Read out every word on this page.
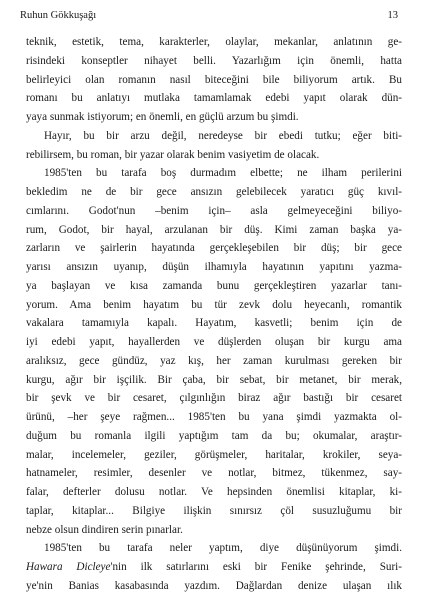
Ruhun Gökkuşağı	13
teknik, estetik, tema, karakterler, olaylar, mekanlar, anlatının ge-
risindeki konseptler nihayet belli. Yazarlığım için önemli, hatta
belirleyici olan romanın nasıl biteceğini bile biliyorum artık. Bu
romanı bu anlatıyı mutlaka tamamlamak edebi yapıt olarak dün-
yaya sunmak istiyorum; en önemli, en güçlü arzum bu şimdi.
Hayır, bu bir arzu değil, neredeyse bir ebedi tutku; eğer biti-
rebilirsem, bu roman, bir yazar olarak benim vasiyetim de olacak.
1985'ten bu tarafa boş durmadım elbette; ne ilham perilerini
bekledim ne de bir gece ansızın gelebilecek yaratıcı güç kıvıl-
cımlarını. Godot'nun –benim için– asla gelmeyeceğini biliyo-
rum, Godot, bir hayal, arzulanan bir düş. Kimi zaman başka ya-
zarların ve şairlerin hayatında gerçekleşebilen bir düş; bir gece
yarısı ansızın uyanıp, düşün ilhamıyla hayatının yapıtını yazma-
ya başlayan ve kısa zamanda bunu gerçekleştiren yazarlar tanı-
yorum. Ama benim hayatım bu tür zevk dolu heyecanlı, romantik
vakalara tamamıyla kapalı. Hayatım, kasvetli; benim için de
iyi edebi yapıt, hayallerden ve düşlerden oluşan bir kurgu ama
aralıksız, gece gündüz, yaz kış, her zaman kurulması gereken bir
kurgu, ağır bir işçilik. Bir çaba, bir sebat, bir metanet, bir merak,
bir şevk ve bir cesaret, çılgınlığın biraz ağır bastığı bir cesaret
ürünü, –her şeye rağmen... 1985'ten bu yana şimdi yazmakta ol-
duğum bu romanla ilgili yaptığım tam da bu; okumalar, araştır-
malar, incelemeler, geziler, görüşmeler, haritalar, krokiler, seya-
hatnameler, resimler, desenler ve notlar, bitmez, tükenmez, say-
falar, defterler dolusu notlar. Ve hepsinden önemlisi kitaplar, ki-
taplar, kitaplar... Bilgiye ilişkin sınırsız çöl susuzluğumu bir
nebze olsun dindiren serin pınarlar.
1985'ten bu tarafa neler yaptım, diye düşünüyorum şimdi.
Hawara Dicleye'nin ilk satırlarını eski bir Fenike şehrinde, Suri-
ye'nin Banias kasabasında yazdım. Dağlardan denize ulaşan ılık
